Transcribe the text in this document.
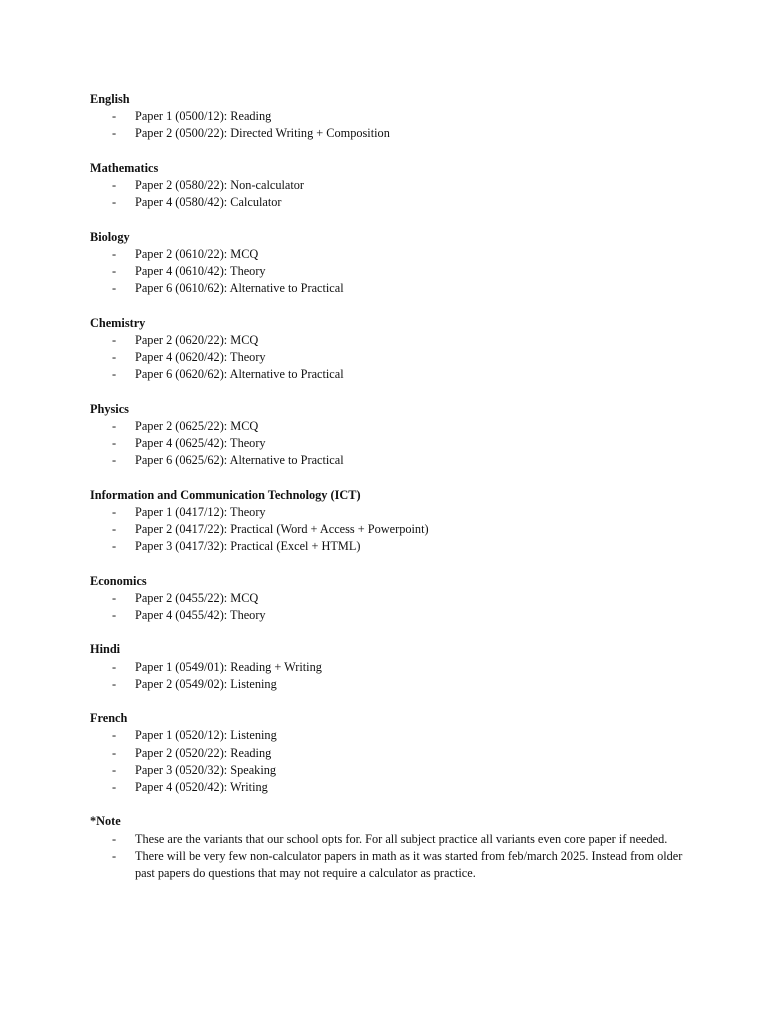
English

- Paper 1 (0500/12): Reading
- Paper 2 (0500/22): Directed Writing + Composition

Mathematics

- Paper 2 (0580/22): Non-calculator
- Paper 4 (0580/42): Calculator

Biology

- Paper 2 (0610/22): MCQ
- Paper 4 (0610/42): Theory
- Paper 6 (0610/62): Alternative to Practical

Chemistry

- Paper 2 (0620/22): MCQ
- Paper 4 (0620/42): Theory
- Paper 6 (0620/62): Alternative to Practical

Physics

- Paper 2 (0625/22): MCQ
- Paper 4 (0625/42): Theory
- Paper 6 (0625/62): Alternative to Practical

Information and Communication Technology (ICT)

- Paper 1 (0417/12): Theory
- Paper 2 (0417/22): Practical (Word + Access + Powerpoint)
- Paper 3 (0417/32): Practical (Excel + HTML)

Economics

- Paper 2 (0455/22): MCQ
- Paper 4 (0455/42): Theory

Hindi

- Paper 1 (0549/01): Reading + Writing
- Paper 2 (0549/02): Listening

French

- Paper 1 (0520/12): Listening
- Paper 2 (0520/22): Reading
- Paper 3 (0520/32): Speaking
- Paper 4 (0520/42): Writing

*Note

- These are the variants that our school opts for. For all subject practice all variants even core paper if needed.
- There will be very few non-calculator papers in math as it was started from feb/march 2025. Instead from older past papers do questions that may not require a calculator as practice.
